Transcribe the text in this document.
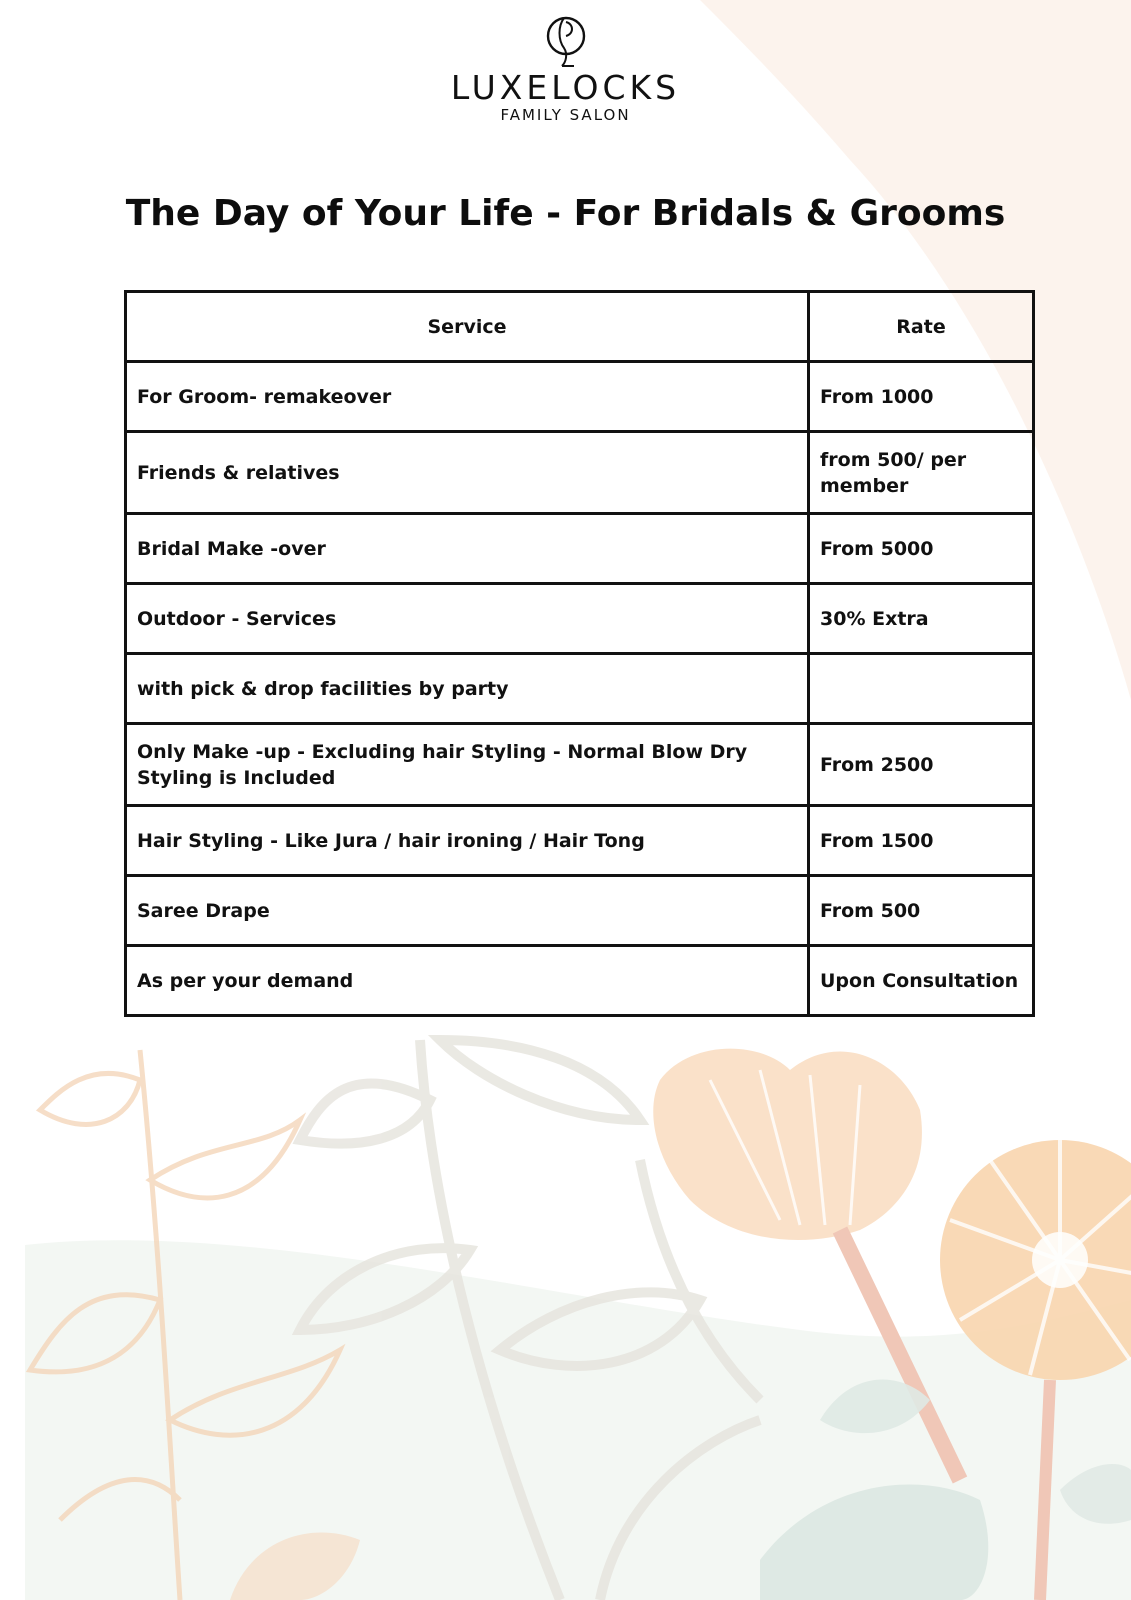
LUXELOCKS
FAMILY SALON
The Day of Your Life - For Bridals & Grooms
Service	Rate
For Groom- remakeover	From 1000
Friends & relatives	from 500/ per member
Bridal Make -over	From 5000
Outdoor - Services	30% Extra
with pick & drop facilities by party	
Only Make -up - Excluding hair Styling - Normal Blow Dry Styling is Included	From 2500
Hair Styling - Like Jura / hair ironing / Hair Tong	From 1500
Saree Drape	From 500
As per your demand	Upon Consultation
